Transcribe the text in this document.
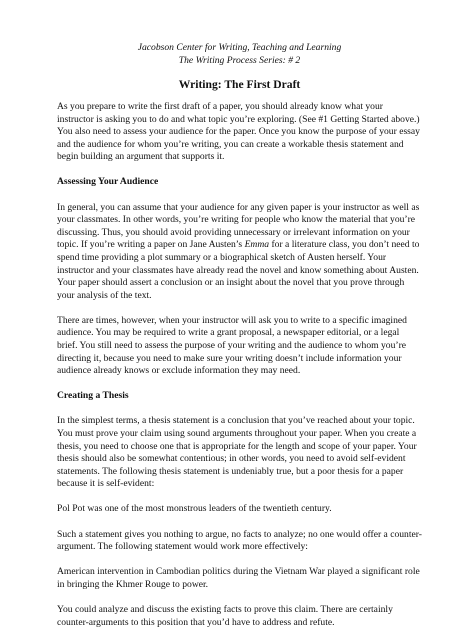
Jacobson Center for Writing, Teaching and Learning
The Writing Process Series: # 2
Writing: The First Draft

As you prepare to write the first draft of a paper, you should already know what your instructor is asking you to do and what topic you’re exploring. (See #1 Getting Started above.) You also need to assess your audience for the paper. Once you know the purpose of your essay and the audience for whom you’re writing, you can create a workable thesis statement and begin building an argument that supports it.

Assessing Your Audience

In general, you can assume that your audience for any given paper is your instructor as well as your classmates. In other words, you’re writing for people who know the material that you’re discussing. Thus, you should avoid providing unnecessary or irrelevant information on your topic. If you’re writing a paper on Jane Austen’s Emma for a literature class, you don’t need to spend time providing a plot summary or a biographical sketch of Austen herself. Your instructor and your classmates have already read the novel and know something about Austen. Your paper should assert a conclusion or an insight about the novel that you prove through your analysis of the text.

There are times, however, when your instructor will ask you to write to a specific imagined audience. You may be required to write a grant proposal, a newspaper editorial, or a legal brief. You still need to assess the purpose of your writing and the audience to whom you’re directing it, because you need to make sure your writing doesn’t include information your audience already knows or exclude information they may need.

Creating a Thesis

In the simplest terms, a thesis statement is a conclusion that you’ve reached about your topic. You must prove your claim using sound arguments throughout your paper. When you create a thesis, you need to choose one that is appropriate for the length and scope of your paper. Your thesis should also be somewhat contentious; in other words, you need to avoid self-evident statements. The following thesis statement is undeniably true, but a poor thesis for a paper because it is self-evident:

Pol Pot was one of the most monstrous leaders of the twentieth century.

Such a statement gives you nothing to argue, no facts to analyze; no one would offer a counter-argument. The following statement would work more effectively:

American intervention in Cambodian politics during the Vietnam War played a significant role in bringing the Khmer Rouge to power.

You could analyze and discuss the existing facts to prove this claim. There are certainly counter-arguments to this position that you’d have to address and refute.
